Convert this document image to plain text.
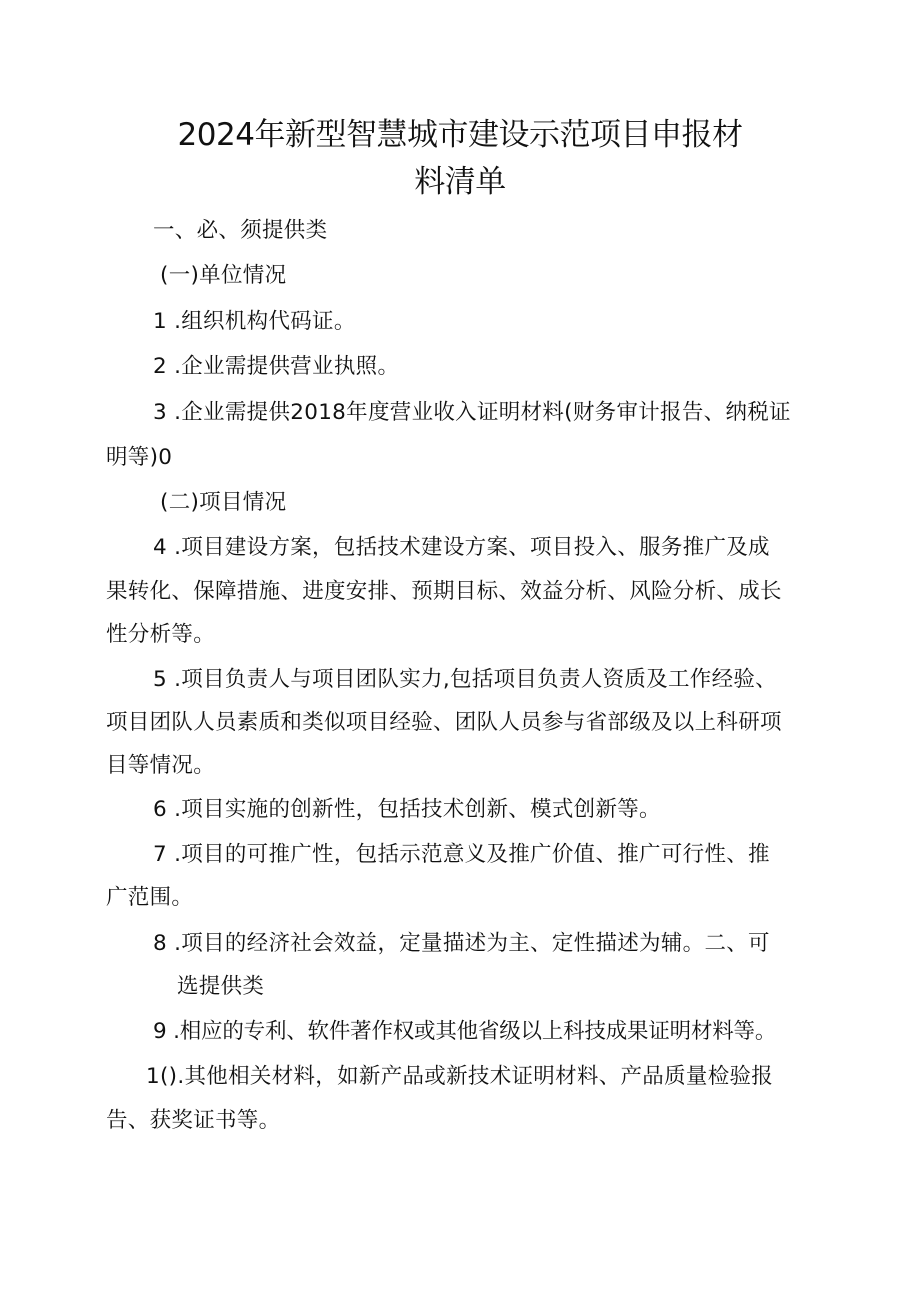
2024年新型智慧城市建设示范项目申报材
料清单
一、必、须提供类
(一)单位情况
1 .组织机构代码证。
2 .企业需提供营业执照。
3 .企业需提供2018年度营业收入证明材料(财务审计报告、纳税证
明等)0
(二)项目情况
4 .项目建设方案，包括技术建设方案、项目投入、服务推广及成
果转化、保障措施、进度安排、预期目标、效益分析、风险分析、成长
性分析等。
5 .项目负责人与项目团队实力,包括项目负责人资质及工作经验、
项目团队人员素质和类似项目经验、团队人员参与省部级及以上科研项
目等情况。
6 .项目实施的创新性，包括技术创新、模式创新等。
7 .项目的可推广性，包括示范意义及推广价值、推广可行性、推
广范围。
8 .项目的经济社会效益，定量描述为主、定性描述为辅。二、可
选提供类
9 .相应的专利、软件著作权或其他省级以上科技成果证明材料等。
1().其他相关材料，如新产品或新技术证明材料、产品质量检验报
告、获奖证书等。
